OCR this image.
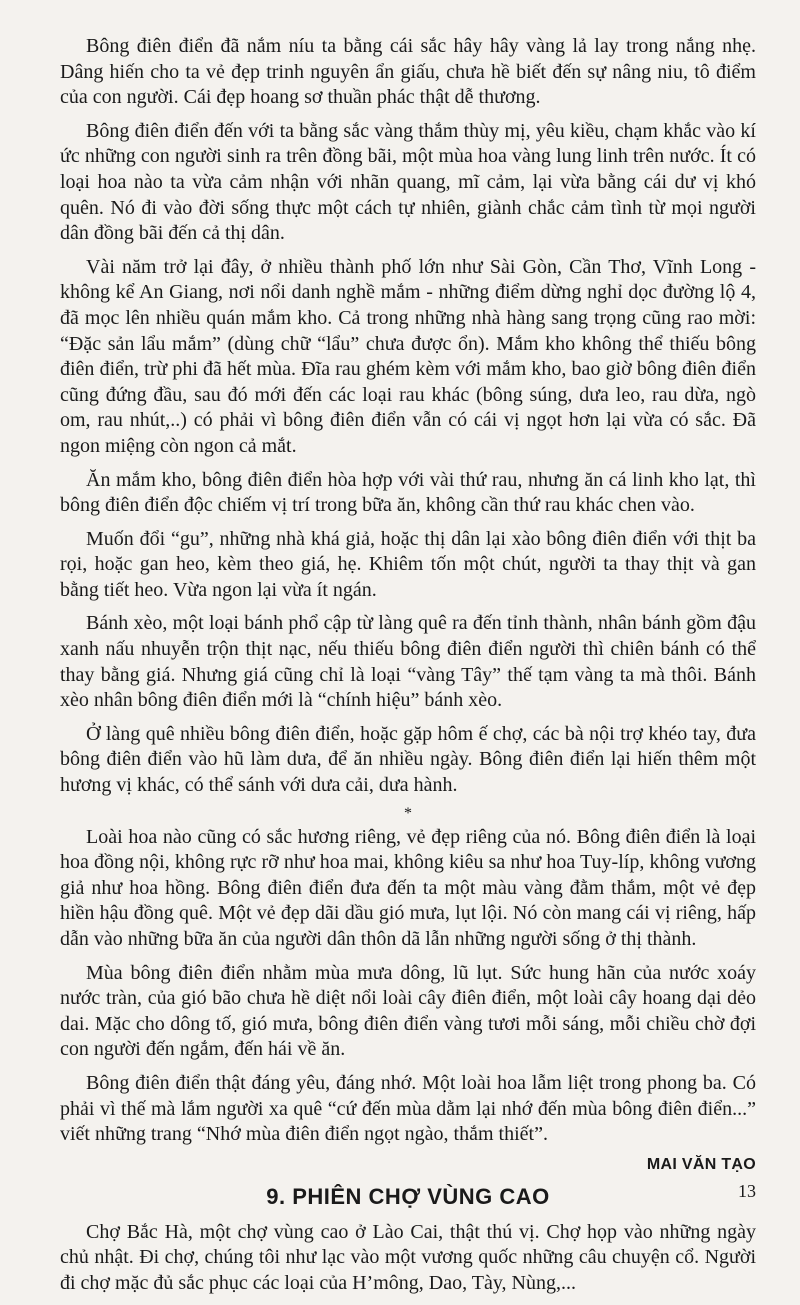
Bông điên điển đã nắm níu ta bằng cái sắc hây hây vàng lả lay trong nắng nhẹ. Dâng hiến cho ta vẻ đẹp trinh nguyên ẩn giấu, chưa hề biết đến sự nâng niu, tô điểm của con người. Cái đẹp hoang sơ thuần phác thật dễ thương.

Bông điên điển đến với ta bằng sắc vàng thắm thùy mị, yêu kiều, chạm khắc vào kí ức những con người sinh ra trên đồng bãi, một mùa hoa vàng lung linh trên nước. Ít có loại hoa nào ta vừa cảm nhận với nhãn quang, mĩ cảm, lại vừa bằng cái dư vị khó quên. Nó đi vào đời sống thực một cách tự nhiên, giành chắc cảm tình từ mọi người dân đồng bãi đến cả thị dân.

Vài năm trở lại đây, ở nhiều thành phố lớn như Sài Gòn, Cần Thơ, Vĩnh Long - không kể An Giang, nơi nổi danh nghề mắm - những điểm dừng nghỉ dọc đường lộ 4, đã mọc lên nhiều quán mắm kho. Cả trong những nhà hàng sang trọng cũng rao mời: “Đặc sản lẩu mắm” (dùng chữ “lẩu” chưa được ổn). Mắm kho không thể thiếu bông điên điển, trừ phi đã hết mùa. Đĩa rau ghém kèm với mắm kho, bao giờ bông điên điển cũng đứng đầu, sau đó mới đến các loại rau khác (bông súng, dưa leo, rau dừa, ngò om, rau nhút,..) có phải vì bông điên điển vẫn có cái vị ngọt hơn lại vừa có sắc. Đã ngon miệng còn ngon cả mắt.

Ăn mắm kho, bông điên điển hòa hợp với vài thứ rau, nhưng ăn cá linh kho lạt, thì bông điên điển độc chiếm vị trí trong bữa ăn, không cần thứ rau khác chen vào.

Muốn đổi “gu”, những nhà khá giả, hoặc thị dân lại xào bông điên điển với thịt ba rọi, hoặc gan heo, kèm theo giá, hẹ. Khiêm tốn một chút, người ta thay thịt và gan bằng tiết heo. Vừa ngon lại vừa ít ngán.

Bánh xèo, một loại bánh phổ cập từ làng quê ra đến tỉnh thành, nhân bánh gồm đậu xanh nấu nhuyễn trộn thịt nạc, nếu thiếu bông điên điển người thì chiên bánh có thể thay bằng giá. Nhưng giá cũng chỉ là loại “vàng Tây” thế tạm vàng ta mà thôi. Bánh xèo nhân bông điên điển mới là “chính hiệu” bánh xèo.

Ở làng quê nhiều bông điên điển, hoặc gặp hôm ế chợ, các bà nội trợ khéo tay, đưa bông điên điển vào hũ làm dưa, để ăn nhiều ngày. Bông điên điển lại hiến thêm một hương vị khác, có thể sánh với dưa cải, dưa hành.

*

Loài hoa nào cũng có sắc hương riêng, vẻ đẹp riêng của nó. Bông điên điển là loại hoa đồng nội, không rực rỡ như hoa mai, không kiêu sa như hoa Tuy-líp, không vương giả như hoa hồng. Bông điên điển đưa đến ta một màu vàng đằm thắm, một vẻ đẹp hiền hậu đồng quê. Một vẻ đẹp dãi dầu gió mưa, lụt lội. Nó còn mang cái vị riêng, hấp dẫn vào những bữa ăn của người dân thôn dã lẫn những người sống ở thị thành.

Mùa bông điên điển nhằm mùa mưa dông, lũ lụt. Sức hung hãn của nước xoáy nước tràn, của gió bão chưa hề diệt nổi loài cây điên điển, một loài cây hoang dại dẻo dai. Mặc cho dông tố, gió mưa, bông điên điển vàng tươi mỗi sáng, mỗi chiều chờ đợi con người đến ngắm, đến hái về ăn.

Bông điên điển thật đáng yêu, đáng nhớ. Một loài hoa lẫm liệt trong phong ba. Có phải vì thế mà lắm người xa quê “cứ đến mùa dằm lại nhớ đến mùa bông điên điển...” viết những trang “Nhớ mùa điên điển ngọt ngào, thắm thiết”.

MAI VĂN TẠO
9. PHIÊN CHỢ VÙNG CAO

Chợ Bắc Hà, một chợ vùng cao ở Lào Cai, thật thú vị. Chợ họp vào những ngày chủ nhật. Đi chợ, chúng tôi như lạc vào một vương quốc những câu chuyện cổ. Người đi chợ mặc đủ sắc phục các loại của H’mông, Dao, Tày, Nùng,...

13
